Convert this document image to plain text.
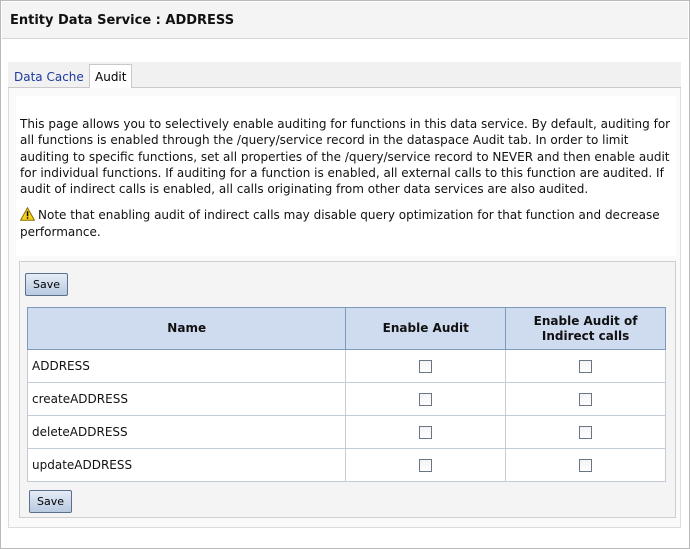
Entity Data Service : ADDRESS
Data Cache Audit

This page allows you to selectively enable auditing for functions in this data service. By default, auditing for all functions is enabled through the /query/service record in the dataspace Audit tab. In order to limit auditing to specific functions, set all properties of the /query/service record to NEVER and then enable audit for individual functions. If auditing for a function is enabled, all external calls to this function are audited. If audit of indirect calls is enabled, all calls originating from other data services are also audited.

Note that enabling audit of indirect calls may disable query optimization for that function and decrease performance.

Save
Name	Enable Audit	Enable Audit of Indirect calls
ADDRESS		
createADDRESS		
deleteADDRESS		
updateADDRESS		
Save
